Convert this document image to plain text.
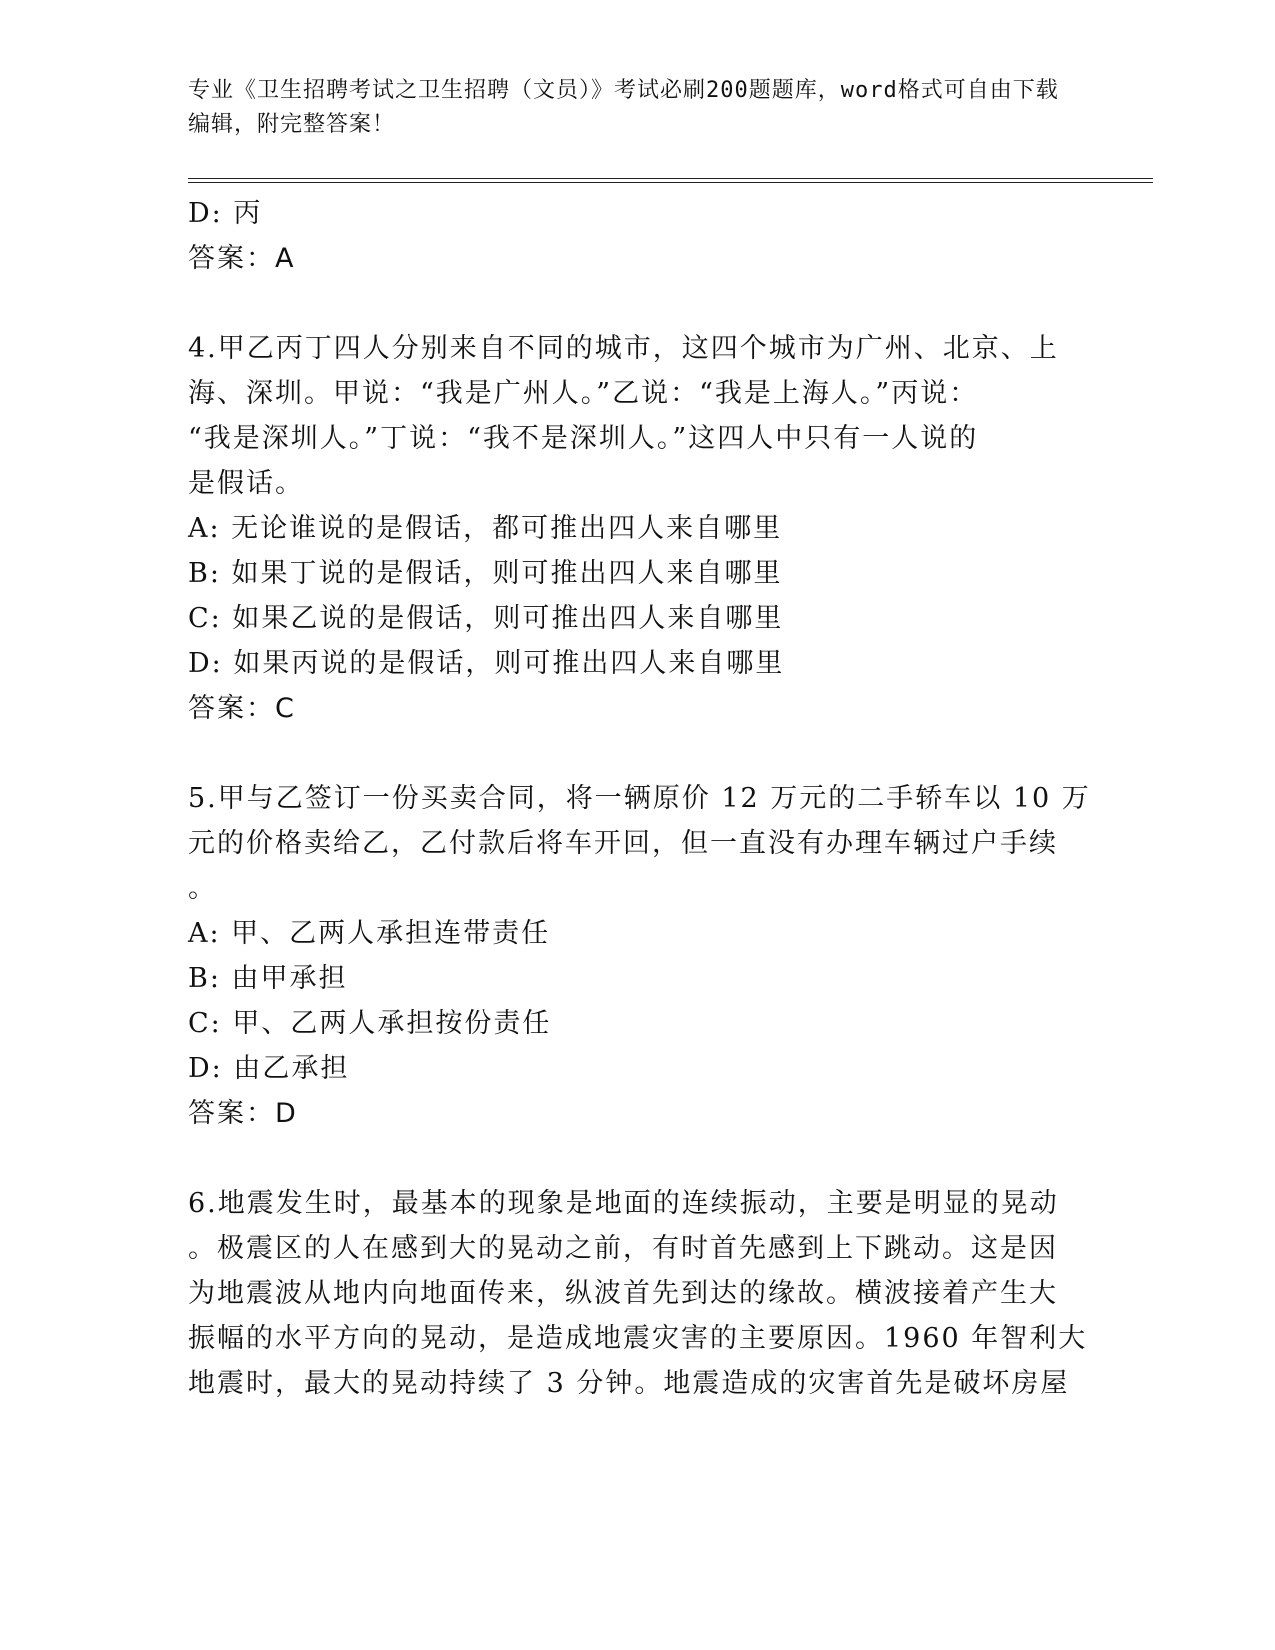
专业《卫生招聘考试之卫生招聘（文员）》考试必刷200题题库，word格式可自由下载编辑，附完整答案！

D: 丙

答案：A

4.甲乙丙丁四人分别来自不同的城市，这四个城市为广州、北京、上

海、深圳。甲说：“我是广州人。”乙说：“我是上海人。”丙说：

“我是深圳人。”丁说：“我不是深圳人。”这四人中只有一人说的

是假话。

A: 无论谁说的是假话，都可推出四人来自哪里

B: 如果丁说的是假话，则可推出四人来自哪里

C: 如果乙说的是假话，则可推出四人来自哪里

D: 如果丙说的是假话，则可推出四人来自哪里

答案：C

5.甲与乙签订一份买卖合同，将一辆原价 12 万元的二手轿车以 10 万

元的价格卖给乙，乙付款后将车开回，但一直没有办理车辆过户手续

。

A: 甲、乙两人承担连带责任

B: 由甲承担

C: 甲、乙两人承担按份责任

D: 由乙承担

答案：D

6.地震发生时，最基本的现象是地面的连续振动，主要是明显的晃动

。极震区的人在感到大的晃动之前，有时首先感到上下跳动。这是因

为地震波从地内向地面传来，纵波首先到达的缘故。横波接着产生大

振幅的水平方向的晃动，是造成地震灾害的主要原因。1960 年智利大

地震时，最大的晃动持续了 3 分钟。地震造成的灾害首先是破坏房屋
